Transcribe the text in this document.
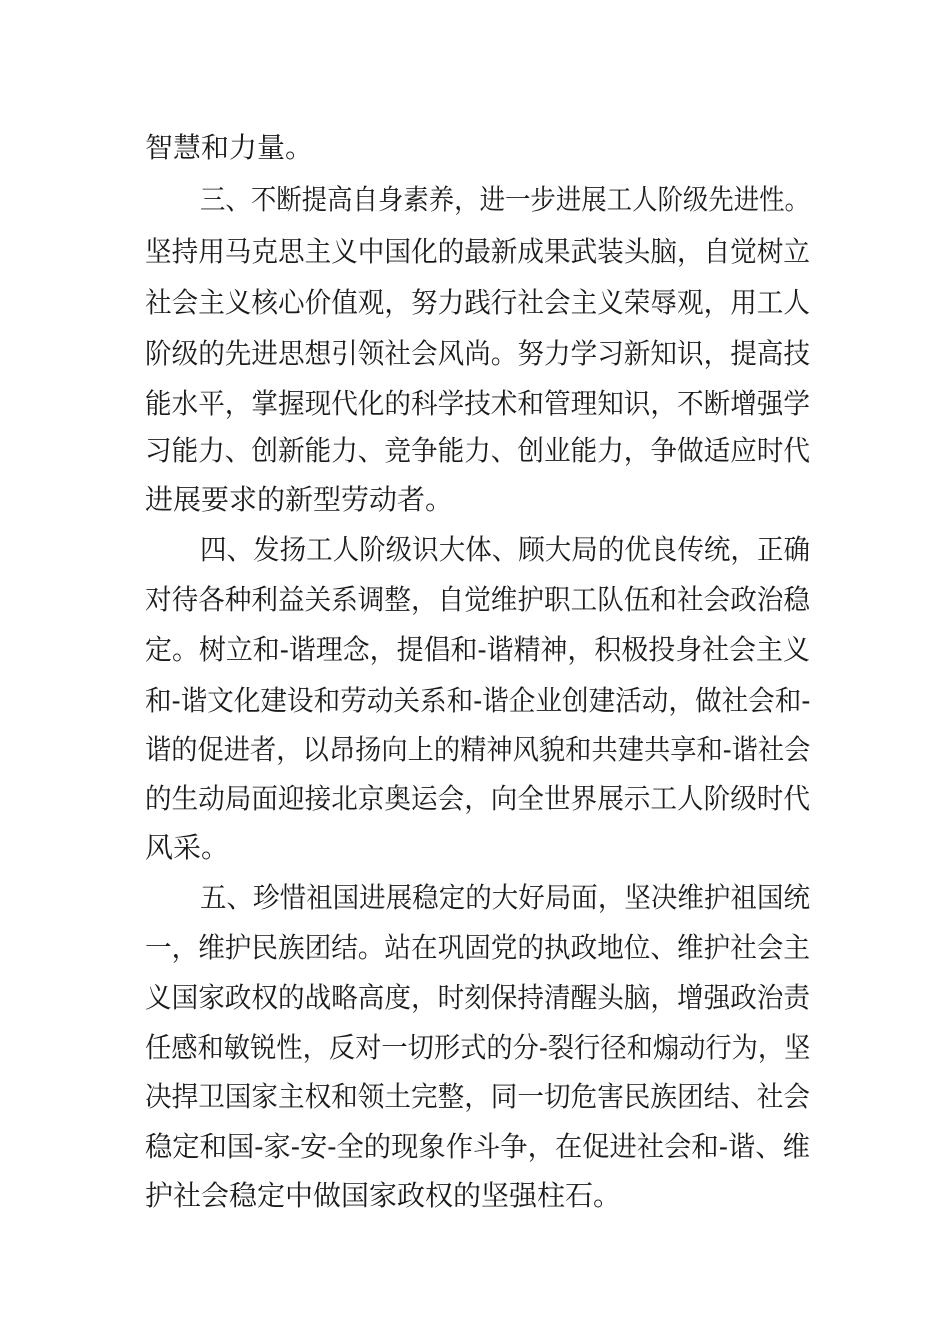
智慧和力量。
三、不断提高自身素养，进一步进展工人阶级先进性。
坚持用马克思主义中国化的最新成果武装头脑，自觉树立
社会主义核心价值观，努力践行社会主义荣辱观，用工人
阶级的先进思想引领社会风尚。努力学习新知识，提高技
能水平，掌握现代化的科学技术和管理知识，不断增强学
习能力、创新能力、竞争能力、创业能力，争做适应时代
进展要求的新型劳动者。
四、发扬工人阶级识大体、顾大局的优良传统，正确
对待各种利益关系调整，自觉维护职工队伍和社会政治稳
定。树立和-谐理念，提倡和-谐精神，积极投身社会主义
和-谐文化建设和劳动关系和-谐企业创建活动，做社会和-
谐的促进者，以昂扬向上的精神风貌和共建共享和-谐社会
的生动局面迎接北京奥运会，向全世界展示工人阶级时代
风采。
五、珍惜祖国进展稳定的大好局面，坚决维护祖国统
一，维护民族团结。站在巩固党的执政地位、维护社会主
义国家政权的战略高度，时刻保持清醒头脑，增强政治责
任感和敏锐性，反对一切形式的分-裂行径和煽动行为，坚
决捍卫国家主权和领土完整，同一切危害民族团结、社会
稳定和国-家-安-全的现象作斗争，在促进社会和-谐、维
护社会稳定中做国家政权的坚强柱石。
